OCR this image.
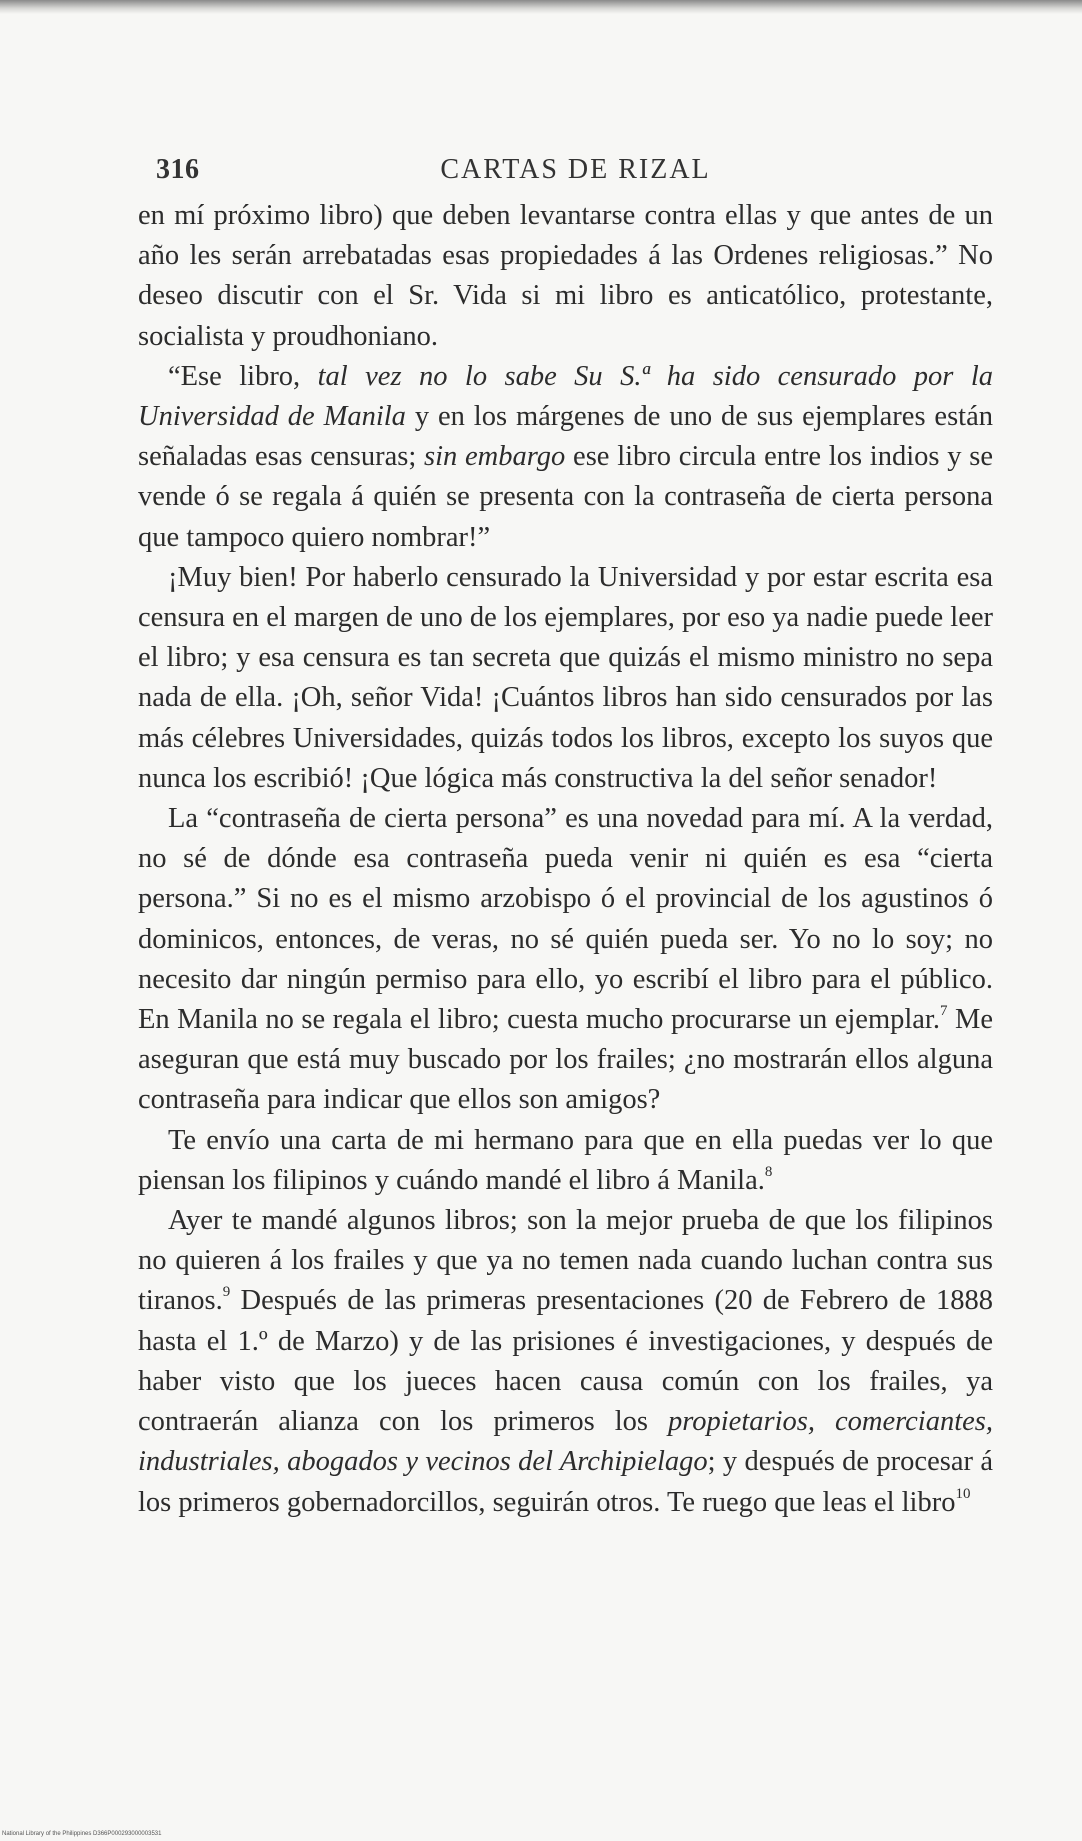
316	CARTAS DE RIZAL

en mí próximo libro) que deben levantarse contra ellas y que antes de un año les serán arrebatadas esas propiedades á las Ordenes religiosas.” No deseo discutir con el Sr. Vida si mi libro es anticatólico, protestante, socialista y proudhoniano.

“Ese libro, tal vez no lo sabe Su S.ª ha sido censurado por la Universidad de Manila y en los márgenes de uno de sus ejemplares están señaladas esas censuras; sin embargo ese libro circula entre los indios y se vende ó se regala á quién se presenta con la contraseña de cierta persona que tampoco quiero nombrar!”

¡Muy bien! Por haberlo censurado la Universidad y por estar escrita esa censura en el margen de uno de los ejemplares, por eso ya nadie puede leer el libro; y esa censura es tan secreta que quizás el mismo ministro no sepa nada de ella. ¡Oh, señor Vida! ¡Cuántos libros han sido censurados por las más célebres Universidades, quizás todos los libros, excepto los suyos que nunca los escribió! ¡Que lógica más constructiva la del señor senador!

La “contraseña de cierta persona” es una novedad para mí. A la verdad, no sé de dónde esa contraseña pueda venir ni quién es esa “cierta persona.” Si no es el mismo arzobispo ó el provincial de los agustinos ó dominicos, entonces, de veras, no sé quién pueda ser. Yo no lo soy; no necesito dar ningún permiso para ello, yo escribí el libro para el público. En Manila no se regala el libro; cuesta mucho procurarse un ejemplar.$^7$ Me aseguran que está muy buscado por los frailes; ¿no mostrarán ellos alguna contraseña para indicar que ellos son amigos?

Te envío una carta de mi hermano para que en ella puedas ver lo que piensan los filipinos y cuándo mandé el libro á Manila.$^8$

Ayer te mandé algunos libros; son la mejor prueba de que los filipinos no quieren á los frailes y que ya no temen nada cuando luchan contra sus tiranos.$^9$ Después de las primeras presentaciones (20 de Febrero de 1888 hasta el 1.º de Marzo) y de las prisiones é investigaciones, y después de haber visto que los jueces hacen causa común con los frailes, ya contraerán alianza con los primeros los propietarios, comerciantes, industriales, abogados y vecinos del Archipielago; y después de procesar á los primeros gobernadorcillos, seguirán otros. Te ruego que leas el libro$^{10}$

National Library of the Philippines D366P000293000003531
